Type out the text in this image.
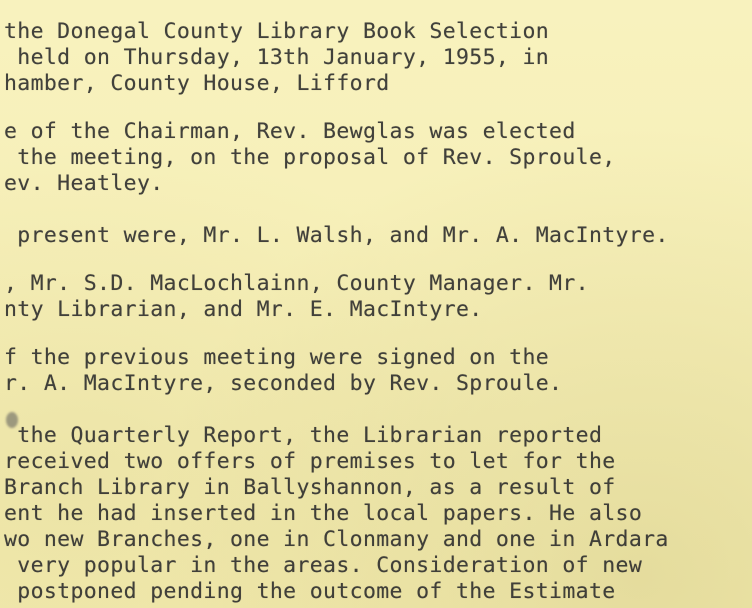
the Donegal County Library Book Selection
held on Thursday, 13th January, 1955, in
hamber, County House, Lifford
e of the Chairman, Rev. Bewglas was elected
the meeting, on the proposal of Rev. Sproule,
ev. Heatley.
present were, Mr. L. Walsh, and Mr. A. MacIntyre.
, Mr. S.D. MacLochlainn, County Manager. Mr.
nty Librarian, and Mr. E. MacIntyre.
f the previous meeting were signed on the
r. A. MacIntyre, seconded by Rev. Sproule.
the Quarterly Report, the Librarian reported
received two offers of premises to let for the
Branch Library in Ballyshannon, as a result of
ent he had inserted in the local papers. He also
wo new Branches, one in Clonmany and one in Ardara
very popular in the areas. Consideration of new
postponed pending the outcome of the Estimate
